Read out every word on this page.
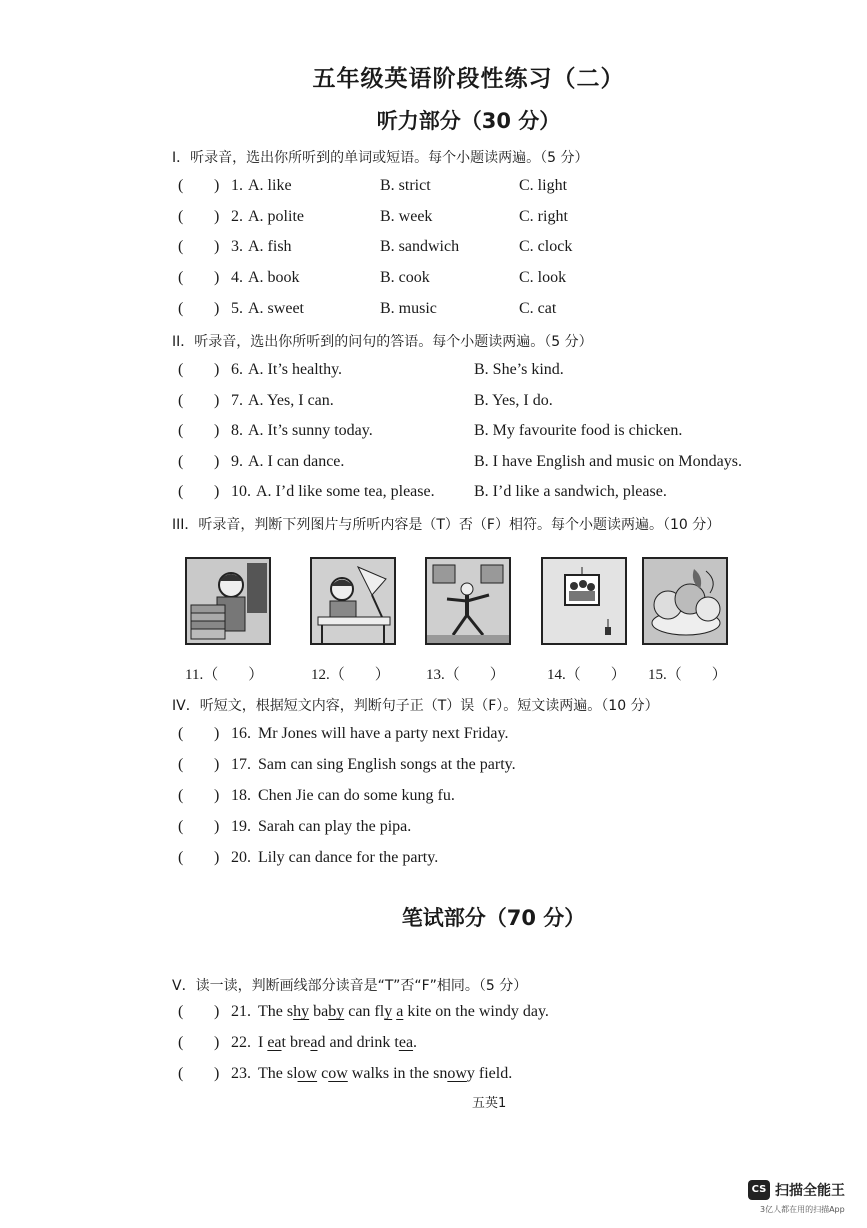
五年级英语阶段性练习（二）
听力部分（30 分）
I．听录音，选出你所听到的单词或短语。每个小题读两遍。（5 分）
( ) 1. A. like	B. strict	C. light
( ) 2. A. polite	B. week	C. right
( ) 3. A. fish	B. sandwich	C. clock
( ) 4. A. book	B. cook	C. look
( ) 5. A. sweet	B. music	C. cat
II．听录音，选出你所听到的问句的答语。每个小题读两遍。（5 分）
( ) 6. A. It’s healthy.	B. She’s kind.
( ) 7. A. Yes, I can.	B. Yes, I do.
( ) 8. A. It’s sunny today.	B. My favourite food is chicken.
( ) 9. A. I can dance.	B. I have English and music on Mondays.
( ) 10. A. I’d like some tea, please. B. I’d like a sandwich, please.
III．听录音，判断下列图片与所听内容是（T）否（F）相符。每个小题读两遍。（10 分）
11.（　　）	12.（　　） 13.（　　）	14.（　　） 15.（　　）
IV．听短文，根据短文内容，判断句子正（T）误（F）。短文读两遍。（10 分）
( ) 16. Mr Jones will have a party next Friday.
( ) 17. Sam can sing English songs at the party.
( ) 18. Chen Jie can do some kung fu.
( ) 19. Sarah can play the pipa.
( ) 20. Lily can dance for the party.
笔试部分（70 分）
V．读一读，判断画线部分读音是“T”否“F”相同。（5 分）
( ) 21. The shy baby can fly a kite on the windy day.
( ) 22. I eat bread and drink tea.
( ) 23. The slow cow walks in the snowy field.
五英1
CS 扫描全能王
3亿人都在用的扫描App
